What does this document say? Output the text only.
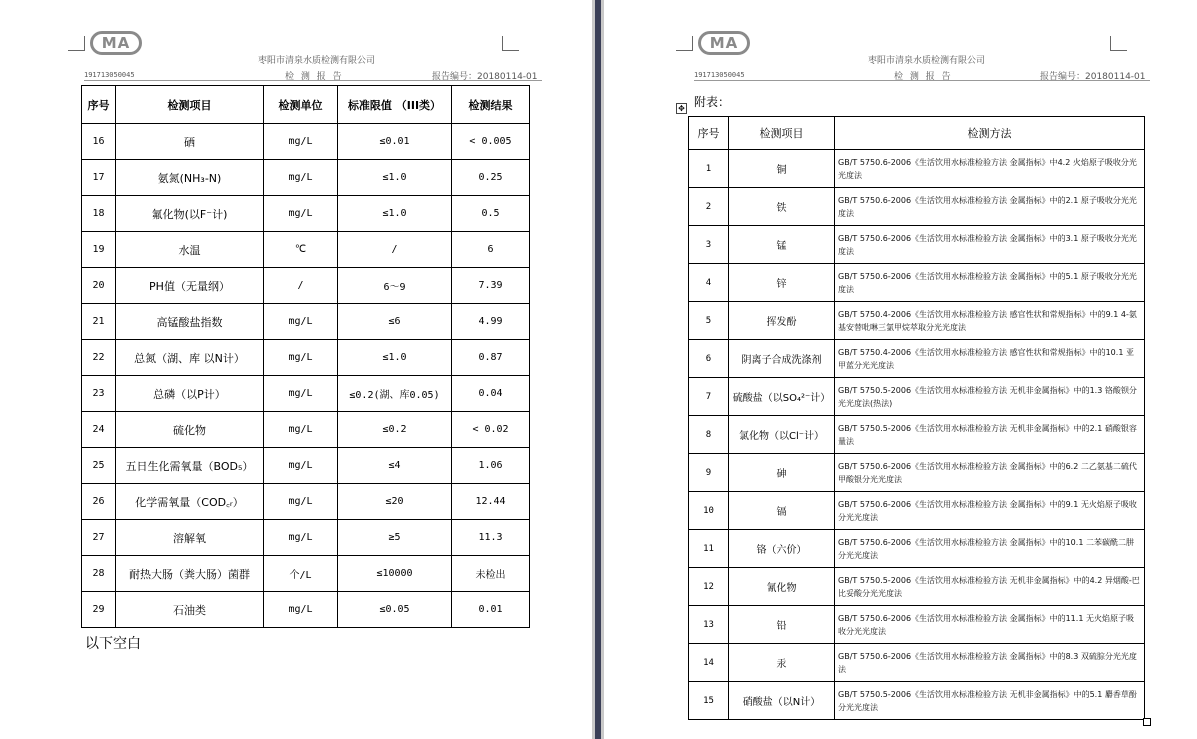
MA
枣阳市清泉水质检测有限公司
191713050045	检 测 报 告	报告编号：20180114-01
序号	检测项目	检测单位	标准限值 （III类）	检测结果
16	硒	mg/L	≤0.01	< 0.005
17	氨氮(NH₃-N)	mg/L	≤1.0	0.25
18	氟化物(以F⁻计)	mg/L	≤1.0	0.5
19	水温	℃	/	6
20	PH值（无量纲）	/	6～9	7.39
21	高锰酸盐指数	mg/L	≤6	4.99
22	总氮（湖、库 以N计）	mg/L	≤1.0	0.87
23	总磷（以P计）	mg/L	≤0.2(湖、库0.05)	0.04
24	硫化物	mg/L	≤0.2	< 0.02
25	五日生化需氧量（BOD₅）	mg/L	≤4	1.06
26	化学需氧量（COD꜀ᵣ）	mg/L	≤20	12.44
27	溶解氧	mg/L	≥5	11.3
28	耐热大肠（粪大肠）菌群	个/L	≤10000	未检出
29	石油类	mg/L	≤0.05	0.01
以下空白
MA
枣阳市清泉水质检测有限公司
191713050045	检 测 报 告	报告编号：20180114-01
附表：
✥
序号	检测项目	检测方法
1	铜	GB/T 5750.6-2006《生活饮用水标准检验方法 金属指标》中4.2 火焰原子吸收分光光度法
2	铁	GB/T 5750.6-2006《生活饮用水标准检验方法 金属指标》中的2.1 原子吸收分光光度法
3	锰	GB/T 5750.6-2006《生活饮用水标准检验方法 金属指标》中的3.1 原子吸收分光光度法
4	锌	GB/T 5750.6-2006《生活饮用水标准检验方法 金属指标》中的5.1 原子吸收分光光度法
5	挥发酚	GB/T 5750.4-2006《生活饮用水标准检验方法 感官性状和常规指标》中的9.1 4-氨基安替吡啉三氯甲烷萃取分光光度法
6	阴离子合成洗涤剂	GB/T 5750.4-2006《生活饮用水标准检验方法 感官性状和常规指标》中的10.1 亚甲蓝分光光度法
7	硫酸盐（以SO₄²⁻计）	GB/T 5750.5-2006《生活饮用水标准检验方法 无机非金属指标》中的1.3 铬酸钡分光光度法(热法)
8	氯化物（以Cl⁻计）	GB/T 5750.5-2006《生活饮用水标准检验方法 无机非金属指标》中的2.1 硝酸银容量法
9	砷	GB/T 5750.6-2006《生活饮用水标准检验方法 金属指标》中的6.2 二乙氨基二硫代甲酸银分光光度法
10	镉	GB/T 5750.6-2006《生活饮用水标准检验方法 金属指标》中的9.1 无火焰原子吸收分光光度法
11	铬（六价）	GB/T 5750.6-2006《生活饮用水标准检验方法 金属指标》中的10.1 二苯碳酰二肼分光光度法
12	氰化物	GB/T 5750.5-2006《生活饮用水标准检验方法 无机非金属指标》中的4.2 异烟酸-巴比妥酸分光光度法
13	铅	GB/T 5750.6-2006《生活饮用水标准检验方法 金属指标》中的11.1 无火焰原子吸收分光光度法
14	汞	GB/T 5750.6-2006《生活饮用水标准检验方法 金属指标》中的8.3 双硫腙分光光度法
15	硝酸盐（以N计）	GB/T 5750.5-2006《生活饮用水标准检验方法 无机非金属指标》中的5.1 麝香草酚分光光度法
